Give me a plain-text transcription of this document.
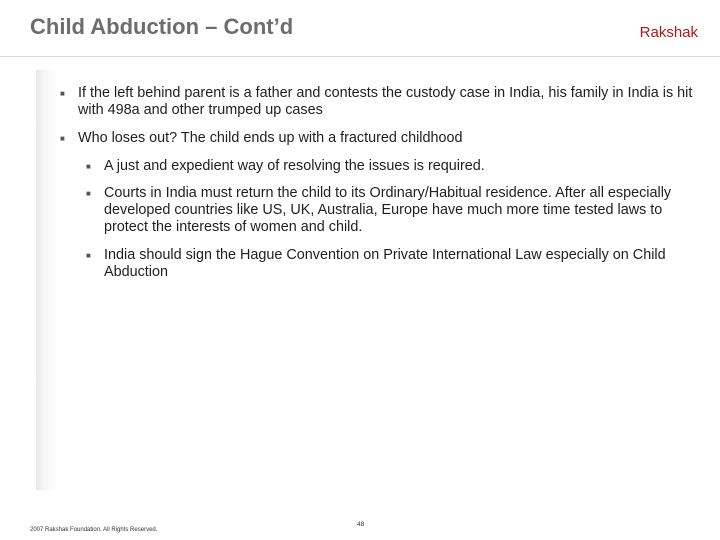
Child Abduction – Cont’d	Rakshak
■ If the left behind parent is a father and contests the custody case in India, his family in India is hit with 498a and other trumped up cases
■ Who loses out? The child ends up with a fractured childhood
■ A just and expedient way of resolving the issues is required.
■ Courts in India must return the child to its Ordinary/Habitual residence. After all especially developed countries like US, UK, Australia, Europe have much more time tested laws to protect the interests of women and child.
■ India should sign the Hague Convention on Private International Law especially on Child Abduction
2007 Rakshak Foundation. All Rights Reserved.
48
